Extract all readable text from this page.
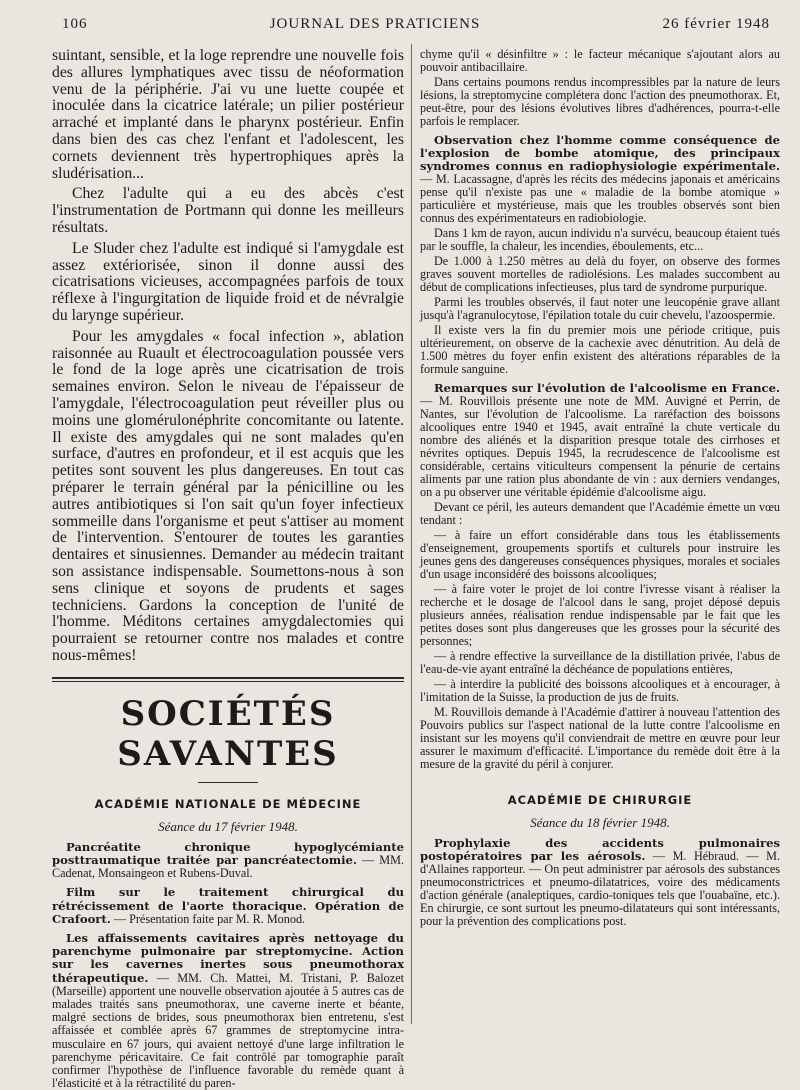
106	JOURNAL DES PRATICIENS	26 février 1948

suintant, sensible, et la loge reprendre une nouvelle fois des allures lymphatiques avec tissu de néoformation venu de la périphérie. J'ai vu une luette coupée et inoculée dans la cicatrice latérale; un pilier postérieur arraché et implanté dans le pharynx postérieur. Enfin dans bien des cas chez l'enfant et l'adolescent, les cornets deviennent très hypertrophiques après la sludérisation...

Chez l'adulte qui a eu des abcès c'est l'instrumentation de Portmann qui donne les meilleurs résultats.

Le Sluder chez l'adulte est indiqué si l'amygdale est assez extériorisée, sinon il donne aussi des cicatrisations vicieuses, accompagnées parfois de toux réflexe à l'ingurgitation de liquide froid et de névralgie du larynge supérieur.

Pour les amygdales « focal infection », ablation raisonnée au Ruault et électrocoagulation poussée vers le fond de la loge après une cicatrisation de trois semaines environ. Selon le niveau de l'épaisseur de l'amygdale, l'électrocoagulation peut réveiller plus ou moins une glomérulonéphrite concomitante ou latente. Il existe des amygdales qui ne sont malades qu'en surface, d'autres en profondeur, et il est acquis que les petites sont souvent les plus dangereuses. En tout cas préparer le terrain général par la pénicilline ou les autres antibiotiques si l'on sait qu'un foyer infectieux sommeille dans l'organisme et peut s'attiser au moment de l'intervention. S'entourer de toutes les garanties dentaires et sinusiennes. Demander au médecin traitant son assistance indispensable. Soumettons-nous à son sens clinique et soyons de prudents et sages techniciens. Gardons la conception de l'unité de l'homme. Méditons certaines amygdalectomies qui pourraient se retourner contre nos malades et contre nous-mêmes!

SOCIÉTÉS SAVANTES
ACADÉMIE NATIONALE DE MÉDECINE
Séance du 17 février 1948.

Pancréatite chronique hypoglycémiante posttraumatique traitée par pancréatectomie. — MM. Cadenat, Monsaingeon et Rubens-Duval.

Film sur le traitement chirurgical du rétrécissement de l'aorte thoracique. Opération de Crafoort. — Présentation faite par M. R. Monod.

Les affaissements cavitaires après nettoyage du parenchyme pulmonaire par streptomycine. Action sur les cavernes inertes sous pneumothorax thérapeutique. — MM. Ch. Mattei, M. Tristani, P. Balozet (Marseille) apportent une nouvelle observation ajoutée à 5 autres cas de malades traités sans pneumothorax, une caverne inerte et béante, malgré sections de brides, sous pneumothorax bien entretenu, s'est affaissée et comblée après 67 grammes de streptomycine intra-musculaire en 67 jours, qui avaient nettoyé d'une large infiltration le parenchyme péricavitaire. Ce fait contrôlé par tomographie paraît confirmer l'hypothèse de l'influence favorable du remède quant à l'élasticité et à la rétractilité du paren-

chyme qu'il « désinfiltre » : le facteur mécanique s'ajoutant alors au pouvoir antibacillaire.

Dans certains poumons rendus incompressibles par la nature de leurs lésions, la streptomycine complétera donc l'action des pneumothorax. Et, peut-être, pour des lésions évolutives libres d'adhérences, pourra-t-elle parfois le remplacer.

Observation chez l'homme comme conséquence de l'explosion de bombe atomique, des principaux syndromes connus en radiophysiologie expérimentale. — M. Lacassagne, d'après les récits des médecins japonais et américains pense qu'il n'existe pas une « maladie de la bombe atomique » particulière et mystérieuse, mais que les troubles observés sont bien connus des expérimentateurs en radiobiologie.

Dans 1 km de rayon, aucun individu n'a survécu, beaucoup étaient tués par le souffle, la chaleur, les incendies, éboulements, etc...

De 1.000 à 1.250 mètres au delà du foyer, on observe des formes graves souvent mortelles de radiolésions. Les malades succombent au début de complications infectieuses, plus tard de syndrome purpurique.

Parmi les troubles observés, il faut noter une leucopénie grave allant jusqu'à l'agranulocytose, l'épilation totale du cuir chevelu, l'azoospermie.

Il existe vers la fin du premier mois une période critique, puis ultérieurement, on observe de la cachexie avec dénutrition. Au delà de 1.500 mètres du foyer enfin existent des altérations réparables de la formule sanguine.

Remarques sur l'évolution de l'alcoolisme en France. — M. Rouvillois présente une note de MM. Auvigné et Perrin, de Nantes, sur l'évolution de l'alcoolisme. La raréfaction des boissons alcooliques entre 1940 et 1945, avait entraîné la chute verticale du nombre des aliénés et la disparition presque totale des cirrhoses et névrites optiques. Depuis 1945, la recrudescence de l'alcoolisme est considérable, certains viticulteurs compensent la pénurie de certains aliments par une ration plus abondante de vin : aux derniers vendanges, on a pu observer une véritable épidémie d'alcoolisme aigu.

Devant ce péril, les auteurs demandent que l'Académie émette un vœu tendant :

— à faire un effort considérable dans tous les établissements d'enseignement, groupements sportifs et culturels pour instruire les jeunes gens des dangereuses conséquences physiques, morales et sociales d'un usage inconsidéré des boissons alcooliques;

— à faire voter le projet de loi contre l'ivresse visant à réaliser la recherche et le dosage de l'alcool dans le sang, projet déposé depuis plusieurs années, réalisation rendue indispensable par le fait que les petites doses sont plus dangereuses que les grosses pour la sécurité des personnes;

— à rendre effective la surveillance de la distillation privée, l'abus de l'eau-de-vie ayant entraîné la déchéance de populations entières,

— à interdire la publicité des boissons alcooliques et à encourager, à l'imitation de la Suisse, la production de jus de fruits.

M. Rouvillois demande à l'Académie d'attirer à nouveau l'attention des Pouvoirs publics sur l'aspect national de la lutte contre l'alcoolisme en insistant sur les moyens qu'il conviendrait de mettre en œuvre pour leur assurer le maximum d'efficacité. L'importance du remède doit être à la mesure de la gravité du péril à conjurer.

ACADÉMIE DE CHIRURGIE
Séance du 18 février 1948.

Prophylaxie des accidents pulmonaires postopératoires par les aérosols. — M. Hébraud. — M. d'Allaines rapporteur. — On peut administrer par aérosols des substances pneumoconstrictrices et pneumo-dilatatrices, voire des médicaments d'action générale (analeptiques, cardio-toniques tels que l'ouabaïne, etc.). En chirurgie, ce sont surtout les pneumo-dilatateurs qui sont intéressants, pour la prévention des complications post.
